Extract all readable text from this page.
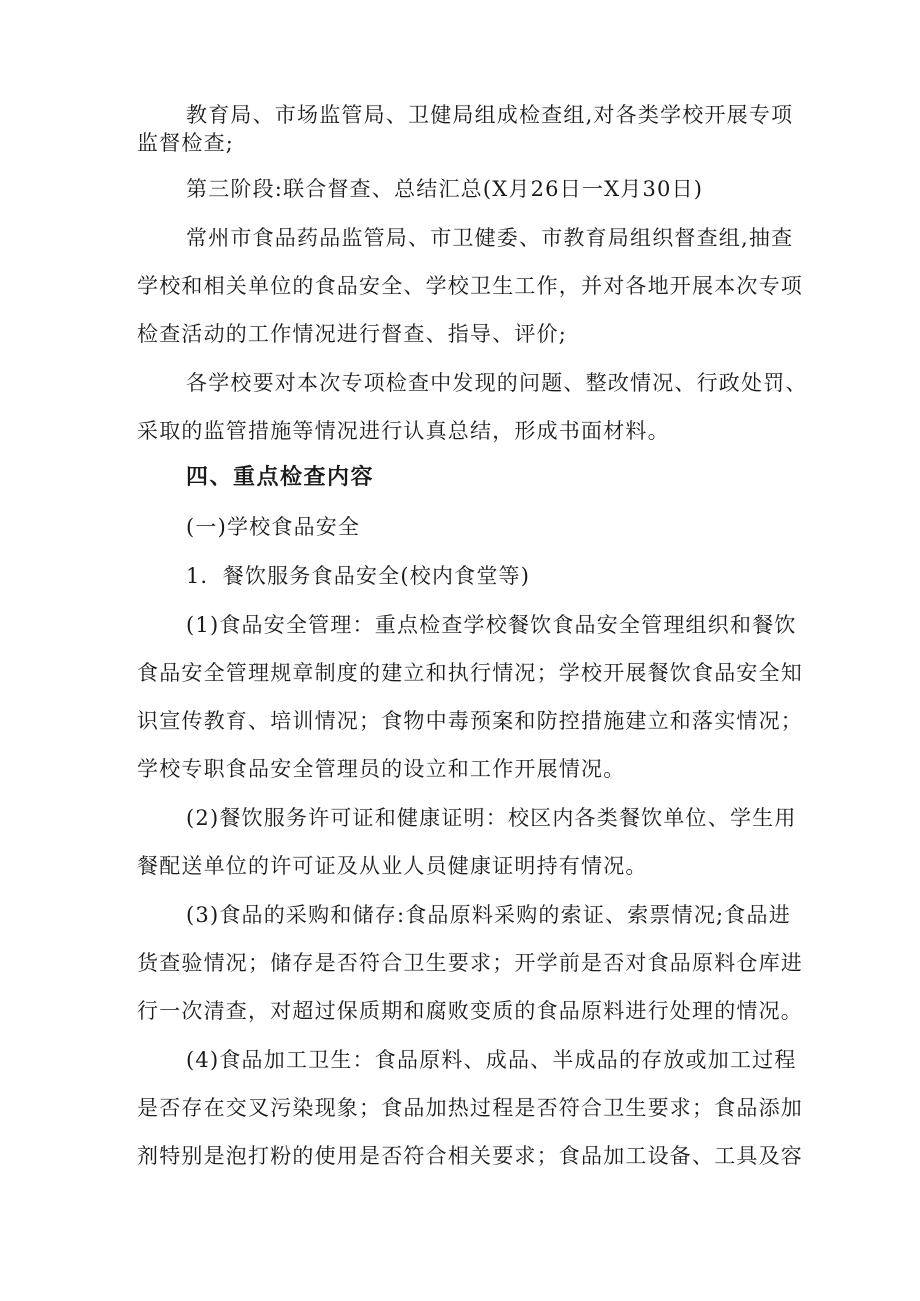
教育局、市场监管局、卫健局组成检查组,对各类学校开展专项
监督检查;
第三阶段:联合督查、总结汇总(X月26日一X月30日)
常州市食品药品监管局、市卫健委、市教育局组织督查组,抽查
学校和相关单位的食品安全、学校卫生工作，并对各地开展本次专项
检查活动的工作情况进行督查、指导、评价;
各学校要对本次专项检查中发现的问题、整改情况、行政处罚、
采取的监管措施等情况进行认真总结，形成书面材料。
四、重点检查内容
(一)学校食品安全
1．餐饮服务食品安全(校内食堂等)
(1)食品安全管理：重点检查学校餐饮食品安全管理组织和餐饮
食品安全管理规章制度的建立和执行情况；学校开展餐饮食品安全知
识宣传教育、培训情况；食物中毒预案和防控措施建立和落实情况；
学校专职食品安全管理员的设立和工作开展情况。
(2)餐饮服务许可证和健康证明：校区内各类餐饮单位、学生用
餐配送单位的许可证及从业人员健康证明持有情况。
(3)食品的采购和储存:食品原料采购的索证、索票情况;食品进
货查验情况；储存是否符合卫生要求；开学前是否对食品原料仓库进
行一次清查，对超过保质期和腐败变质的食品原料进行处理的情况。
(4)食品加工卫生：食品原料、成品、半成品的存放或加工过程
是否存在交叉污染现象；食品加热过程是否符合卫生要求；食品添加
剂特别是泡打粉的使用是否符合相关要求；食品加工设备、工具及容
